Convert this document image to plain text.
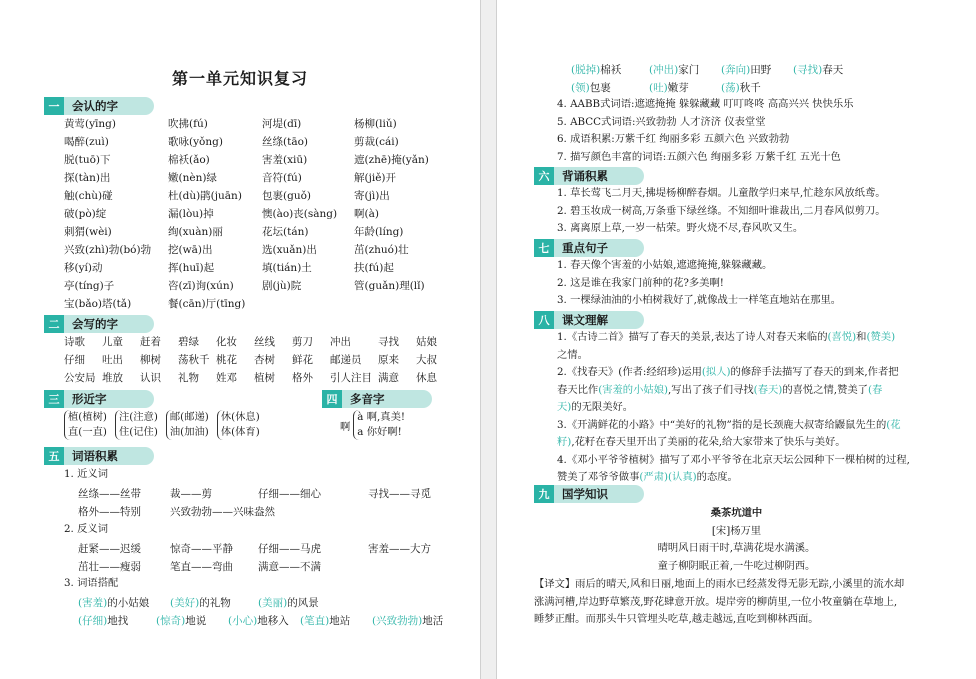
第一单元知识复习
一	会认的字
黄莺(yīng)	吹拂(fú)	河堤(dī)	杨柳(liǔ)
喝醉(zuì)	歌咏(yǒng)	丝绦(tāo)	剪裁(cái)
脱(tuō)下	棉袄(ǎo)	害羞(xiū)	遮(zhē)掩(yǎn)
探(tàn)出	嫩(nèn)绿	音符(fú)	解(jiě)开
触(chù)碰	杜(dù)鹃(juān) 包裹(guǒ)	寄(jì)出
破(pò)绽	漏(lòu)掉	懊(ào)丧(sàng) 啊(à)
刺猬(wèi)	绚(xuàn)丽	花坛(tán)	年龄(líng)
兴致(zhì)勃(bó)勃 挖(wā)出	选(xuǎn)出	茁(zhuó)壮
移(yí)动	挥(huī)起	填(tián)土	扶(fú)起
亭(tíng)子	咨(zī)询(xún)	剧(jù)院	管(guǎn)理(lǐ)
宝(bǎo)塔(tǎ)	餐(cān)厅(tīng)
二	会写的字
诗歌 儿童 赶着 碧绿 化妆 丝线 剪刀 冲出	寻找 姑娘
仔细 吐出 柳树 荡秋千 桃花 杏树 鲜花 邮递员 原来 大叔
公安局 堆放 认识 礼物 姓邓 植树 格外 引人注目 满意 休息
三	形近字
植(植树)
直(一直)
注(注意)
住(记住)
邮(邮递)
油(加油)
休(休息)
体(体育)
四	多音字
啊
à 啊,真美!
a 你好啊!
五	词语积累
1. 近义词
丝绦——丝带	裁——剪	仔细——细心	寻找——寻觅
格外——特别	兴致勃勃——兴味盎然
2. 反义词
赶紧——迟缓	惊奇——平静 仔细——马虎	害羞——大方
茁壮——瘦弱	笔直——弯曲 满意——不满
3. 词语搭配
(害羞)的小姑娘 (美好)的礼物	(美丽)的风景
(仔细)地找	(惊奇)地说 (小心)地移入 (笔直)地站 (兴致勃勃)地活
(脱掉)棉袄	(冲出)家门 (奔向)田野 (寻找)春天
(领)包裹	(吐)嫩芽	(荡)秋千
4. AABB式词语:遮遮掩掩 躲躲藏藏 叮叮咚咚 高高兴兴 快快乐乐
5. ABCC式词语:兴致勃勃 人才济济 仪表堂堂
6. 成语积累:万紫千红 绚丽多彩 五颜六色 兴致勃勃
7. 描写颜色丰富的词语:五颜六色 绚丽多彩 万紫千红 五光十色
六	背诵积累
1. 草长莺飞二月天,拂堤杨柳醉春烟。儿童散学归来早,忙趁东风放纸鸢。
2. 碧玉妆成一树高,万条垂下绿丝绦。不知细叶谁裁出,二月春风似剪刀。
3. 离离原上草,一岁一枯荣。野火烧不尽,春风吹又生。
七	重点句子
1. 春天像个害羞的小姑娘,遮遮掩掩,躲躲藏藏。
2. 这是谁在我家门前种的花?多美啊!
3. 一棵绿油油的小柏树栽好了,就像战士一样笔直地站在那里。
八	课文理解
1.《古诗二首》描写了春天的美景,表达了诗人对春天来临的(喜悦)和(赞美)
之情。
2.《找春天》(作者:经绍珍)运用(拟人)的修辞手法描写了春天的到来,作者把
春天比作(害羞的小姑娘),写出了孩子们寻找(春天)的喜悦之情,赞美了(春
天)的无限美好。
3.《开满鲜花的小路》中“美好的礼物”指的是长颈鹿大叔寄给鼹鼠先生的(花
籽),花籽在春天里开出了美丽的花朵,给大家带来了快乐与美好。
4.《邓小平爷爷植树》描写了邓小平爷爷在北京天坛公园种下一棵柏树的过程,
赞美了邓爷爷做事(严肃)(认真)的态度。
九	国学知识
桑茶坑道中
[宋]杨万里
晴明风日雨干时,草满花堤水满溪。
童子柳阴眠正着,一牛吃过柳阴西。
【译文】雨后的晴天,风和日丽,地面上的雨水已经蒸发得无影无踪,小溪里的流水却
涨满河槽,岸边野草繁茂,野花肆意开放。堤岸旁的柳荫里,一位小牧童躺在草地上,
睡梦正酣。而那头牛只管埋头吃草,越走越远,直吃到柳林西面。
